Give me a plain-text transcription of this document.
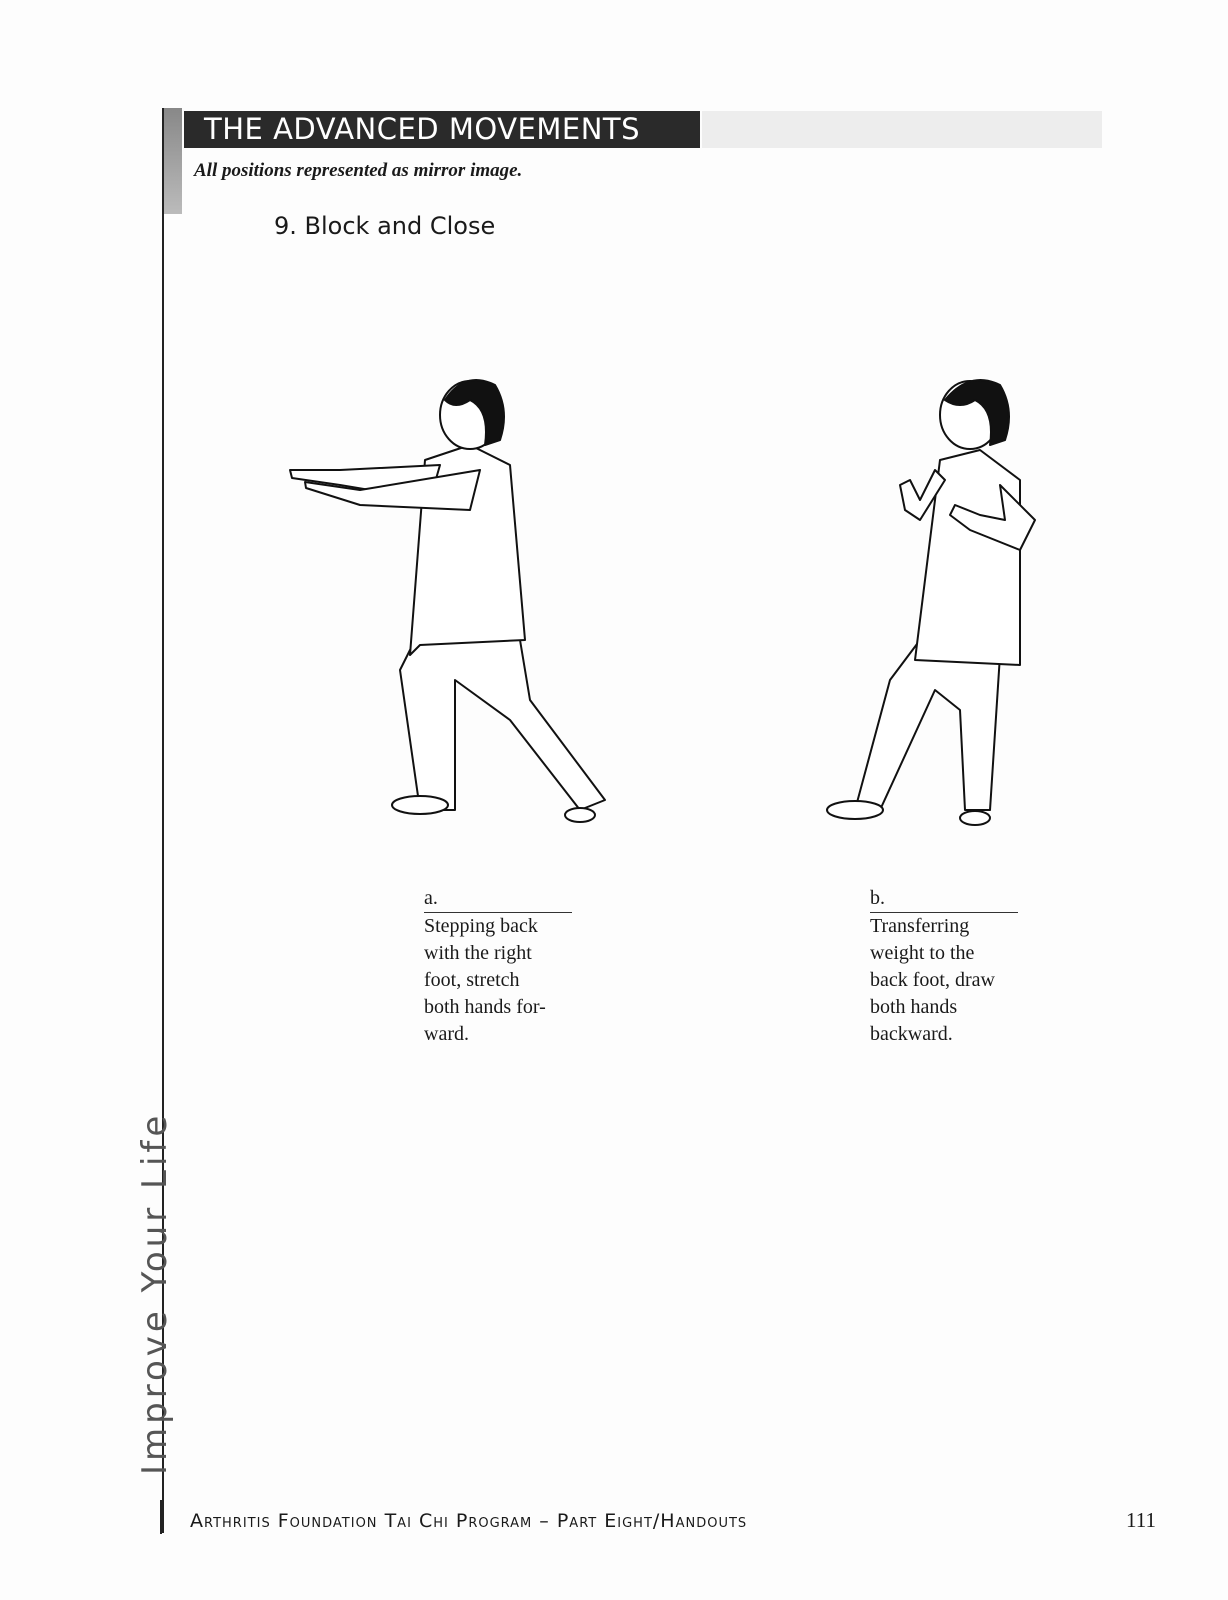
THE ADVANCED MOVEMENTS
All positions represented as mirror image.
9. Block and Close
a.
Stepping back
with the right
foot, stretch
both hands for-
ward.
b.
Transferring
weight to the
back foot, draw
both hands
backward.
Improve Your Life
Arthritis Foundation Tai Chi Program – Part Eight/Handouts	111
